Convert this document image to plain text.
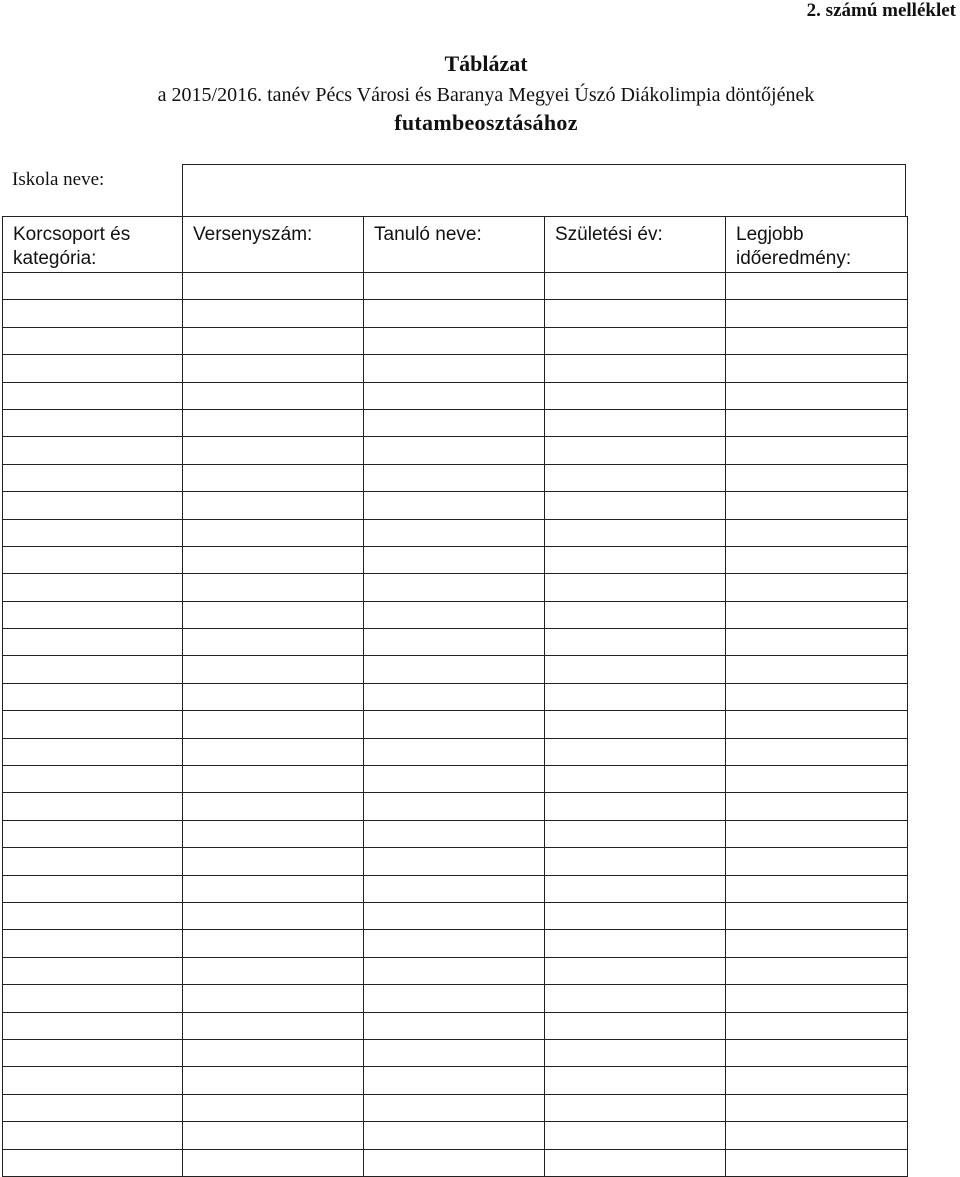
2. számú melléklet
Táblázat
a 2015/2016. tanév Pécs Városi és Baranya Megyei Úszó Diákolimpia döntőjének
futambeosztásához
Iskola neve:
Korcsoport és kategória:	Versenyszám:	Tanuló neve:	Születési év:	Legjobb időeredmény:
